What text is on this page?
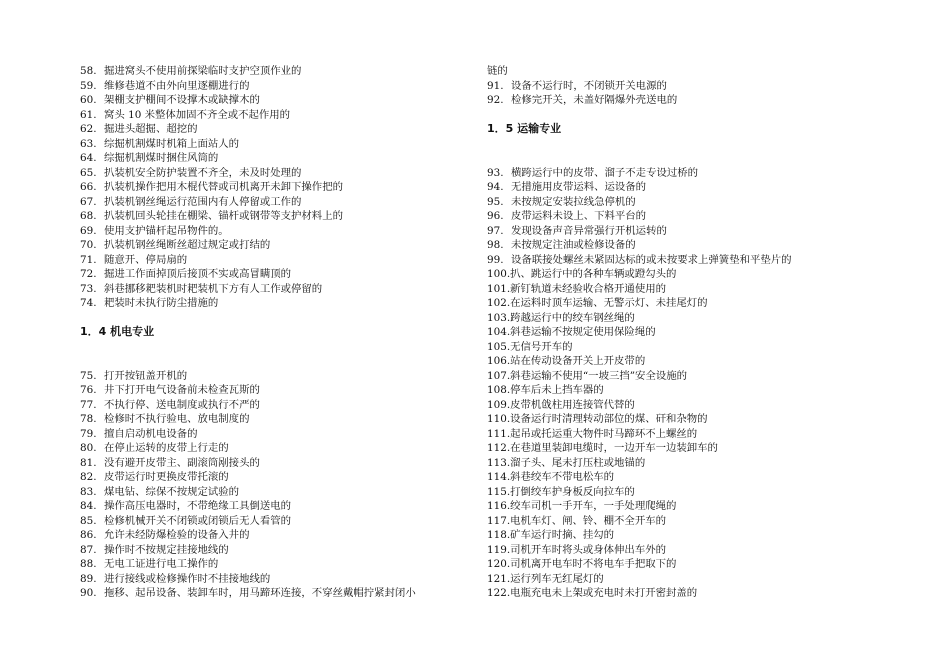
58. 掘进窝头不使用前探梁临时支护空顶作业的
59. 维修巷道不由外向里逐棚进行的
60. 架棚支护棚间不设撑木或缺撑木的
61. 窝头 10 米整体加固不齐全或不起作用的
62. 掘进头超掘、超挖的
63. 综掘机割煤时机箱上面站人的
64. 综掘机割煤时捆住风筒的
65. 扒装机安全防护装置不齐全，未及时处理的
66. 扒装机操作把用木棍代替或司机离开未卸下操作把的
67. 扒装机钢丝绳运行范围内有人停留或工作的
68. 扒装机回头轮挂在棚梁、锚杆或钢带等支护材料上的
69. 使用支护锚杆起吊物件的。
70. 扒装机钢丝绳断丝超过规定或打结的
71. 随意开、停局扇的
72. 掘进工作面掉顶后接顶不实或高冒瞒顶的
73. 斜巷挪移耙装机时耙装机下方有人工作或停留的
74. 耙装时未执行防尘措施的
1．4 机电专业
75. 打开按钮盖开机的
76. 井下打开电气设备前未检查瓦斯的
77. 不执行停、送电制度或执行不严的
78. 检修时不执行验电、放电制度的
79. 擅自启动机电设备的
80. 在停止运转的皮带上行走的
81. 没有避开皮带主、副滚筒剐接头的
82. 皮带运行时更换皮带托滚的
83. 煤电钻、综保不按规定试验的
84. 操作高压电器时，不带绝缘工具倒送电的
85. 检修机械开关不闭锁或闭锁后无人看管的
86. 允许未经防爆检验的设备入井的
87. 操作时不按规定挂接地线的
88. 无电工证进行电工操作的
89. 进行接线或检修操作时不挂接地线的
90. 拖移、起吊设备、装卸车时，用马蹄环连接，不穿丝戴帽拧紧封闭小
链的
91. 设备不运行时，不闭锁开关电源的
92. 检修完开关，未盖好隔爆外壳送电的
1．5 运输专业
93. 横跨运行中的皮带、溜子不走专设过桥的
94. 无措施用皮带运料、运设备的
95. 未按规定安装拉线急停机的
96. 皮带运料未设上、下料平台的
97. 发现设备声音异常强行开机运转的
98. 未按规定注油或检修设备的
99. 设备联接处螺丝未紧固达标的或未按要求上弹簧垫和平垫片的
100.扒、跳运行中的各种车辆或蹬勾头的
101.新钉轨道未经验收合格开通使用的
102.在运料时顶车运输、无警示灯、未挂尾灯的
103.跨越运行中的绞车钢丝绳的
104.斜巷运输不按规定使用保险绳的
105.无信号开车的
106.站在传动设备开关上开皮带的
107.斜巷运输不使用“一坡三挡”安全设施的
108.停车后未上挡车器的
109.皮带机戗柱用连接管代替的
110.设备运行时清理转动部位的煤、矸和杂物的
111.起吊或托运重大物件时马蹄环不上螺丝的
112.在巷道里装卸电缆时，一边开车一边装卸车的
113.溜子头、尾未打压柱或地锚的
114.斜巷绞车不带电松车的
115.打倒绞车护身板反向拉车的
116.绞车司机一手开车，一手处理爬绳的
117.电机车灯、闸、铃、棚不全开车的
118.矿车运行时摘、挂勾的
119.司机开车时将头或身体伸出车外的
120.司机离开电车时不将电车手把取下的
121.运行列车无红尾灯的
122.电瓶充电未上架或充电时未打开密封盖的
